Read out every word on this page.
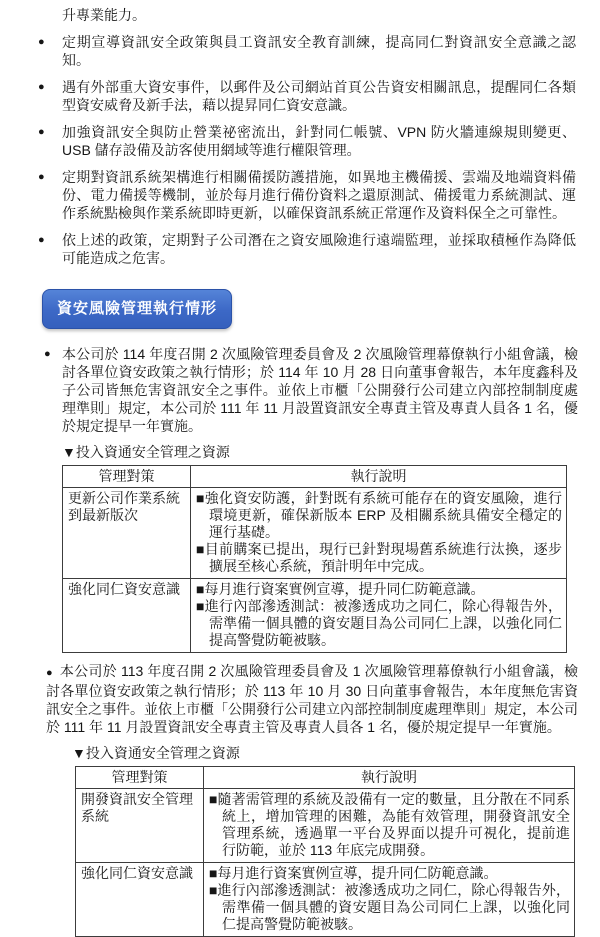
升專業能力。

● 定期宣導資訊安全政策與員工資訊安全教育訓練，提高同仁對資訊安全意識之認知。
● 遇有外部重大資安事件，以郵件及公司網站首頁公告資安相關訊息，提醒同仁各類型資安威脅及新手法，藉以提昇同仁資安意識。
● 加強資訊安全與防止營業祕密流出，針對同仁帳號、VPN 防火牆連線規則變更、USB 儲存設備及訪客使用網域等進行權限管理。
● 定期對資訊系統架構進行相關備援防護措施，如異地主機備援、雲端及地端資料備份、電力備援等機制，並於每月進行備份資料之還原測試、備援電力系統測試、運作系統點檢與作業系統即時更新，以確保資訊系統正常運作及資料保全之可靠性。
● 依上述的政策，定期對子公司潛在之資安風險進行遠端監理，並採取積極作為降低可能造成之危害。
資安風險管理執行情形

● 本公司於 114 年度召開 2 次風險管理委員會及 2 次風險管理幕僚執行小組會議，檢討各單位資安政策之執行情形；於 114 年 10 月 28 日向董事會報告，本年度鑫科及子公司皆無危害資訊安全之事件。並依上市櫃「公開發行公司建立內部控制制度處理準則」規定，本公司於 111 年 11 月設置資訊安全專責主管及專責人員各 1 名，優於規定提早一年實施。

▼投入資通安全管理之資源

管理對策	執行說明
更新公司作業系統到最新版次	■強化資安防護，針對既有系統可能存在的資安風險，進行環境更新，確保新版本 ERP 及相關系統具備安全穩定的運行基礎。
■目前購案已提出，現行已針對現場舊系統進行汰換，逐步擴展至核心系統，預計明年中完成。

強化同仁資安意識	■每月進行資案實例宣導，提升同仁防範意識。
■進行內部滲透測試：被滲透成功之同仁，除心得報告外，需準備一個具體的資安題目為公司同仁上課，以強化同仁提高警覺防範被駭。

● 本公司於 113 年度召開 2 次風險管理委員會及 1 次風險管理幕僚執行小組會議，檢討各單位資安政策之執行情形；於 113 年 10 月 30 日向董事會報告，本年度無危害資訊安全之事件。並依上市櫃「公開發行公司建立內部控制制度處理準則」規定，本公司於 111 年 11 月設置資訊安全專責主管及專責人員各 1 名，優於規定提早一年實施。

▼投入資通安全管理之資源

管理對策	執行說明
開發資訊安全管理系統	■隨著需管理的系統及設備有一定的數量，且分散在不同系統上，增加管理的困難，為能有效管理，開發資訊安全管理系統，透過單一平台及界面以提升可視化，提前進行防範，並於 113 年底完成開發。

強化同仁資安意識	■每月進行資案實例宣導，提升同仁防範意識。
■進行內部滲透測試：被滲透成功之同仁，除心得報告外，需準備一個具體的資安題目為公司同仁上課，以強化同仁提高警覺防範被駭。
